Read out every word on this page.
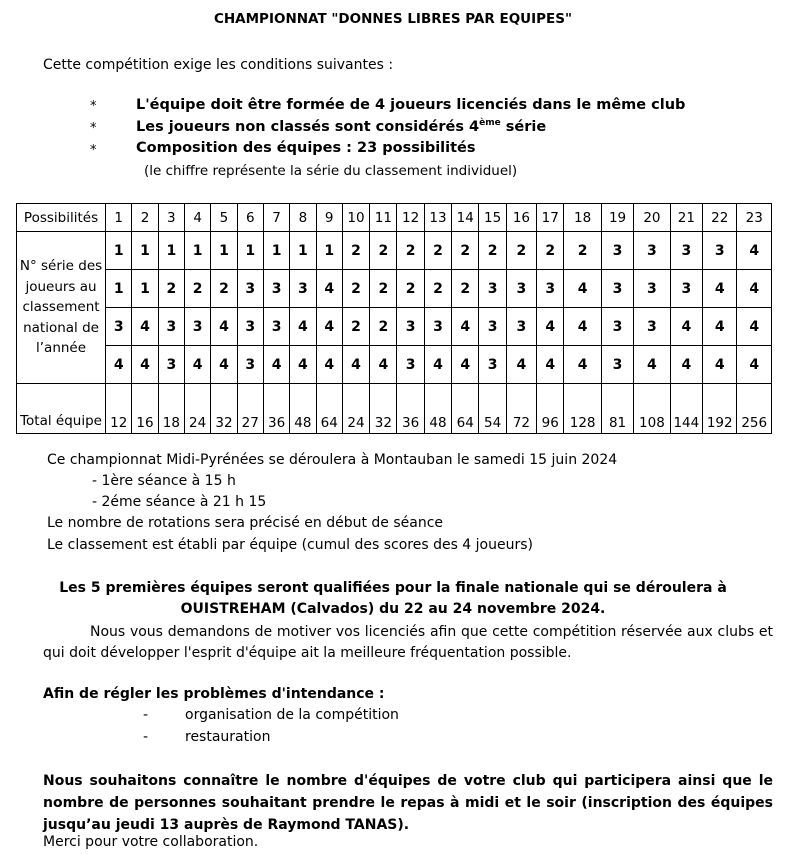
CHAMPIONNAT "DONNES LIBRES PAR EQUIPES"
Cette compétition exige les conditions suivantes :
*	L'équipe doit être formée de 4 joueurs licenciés dans le même club
*	Les joueurs non classés sont considérés 4ème série
*	Composition des équipes : 23 possibilités
(le chiffre représente la série du classement individuel)
Possibilités	1	2	3	4	5	6	7	8	9	10	11	12	13	14	15	16	17	18	19	20	21	22	23
N° série des joueurs au classement national de l’année	1	1	1	1	1	1	1	1	1	2	2	2	2	2	2	2	2	2	3	3	3	3	4
	1	1	2	2	2	3	3	3	4	2	2	2	2	2	3	3	3	4	3	3	3	4	4
	3	4	3	3	4	3	3	4	4	2	2	3	3	4	3	3	4	4	3	3	4	4	4
	4	4	3	4	4	3	4	4	4	4	4	3	4	4	3	4	4	4	3	4	4	4	4
Total équipe	12	16	18	24	32	27	36	48	64	24	32	36	48	64	54	72	96	128	81	108	144	192	256
Ce championnat Midi-Pyrénées se déroulera à Montauban le samedi 15 juin 2024
- 1ère séance à 15 h
- 2éme séance à 21 h 15
Le nombre de rotations sera précisé en début de séance
Le classement est établi par équipe (cumul des scores des 4 joueurs)
Les 5 premières équipes seront qualifiées pour la finale nationale qui se déroulera à
OUISTREHAM (Calvados) du 22 au 24 novembre 2024.
Nous vous demandons de motiver vos licenciés afin que cette compétition réservée aux clubs et qui doit développer l'esprit d'équipe ait la meilleure fréquentation possible.
Afin de régler les problèmes d'intendance :
-	organisation de la compétition
-	restauration
Nous souhaitons connaître le nombre d'équipes de votre club qui participera ainsi que le nombre de personnes souhaitant prendre le repas à midi et le soir (inscription des équipes jusqu’au jeudi 13 auprès de Raymond TANAS).
Merci pour votre collaboration.
